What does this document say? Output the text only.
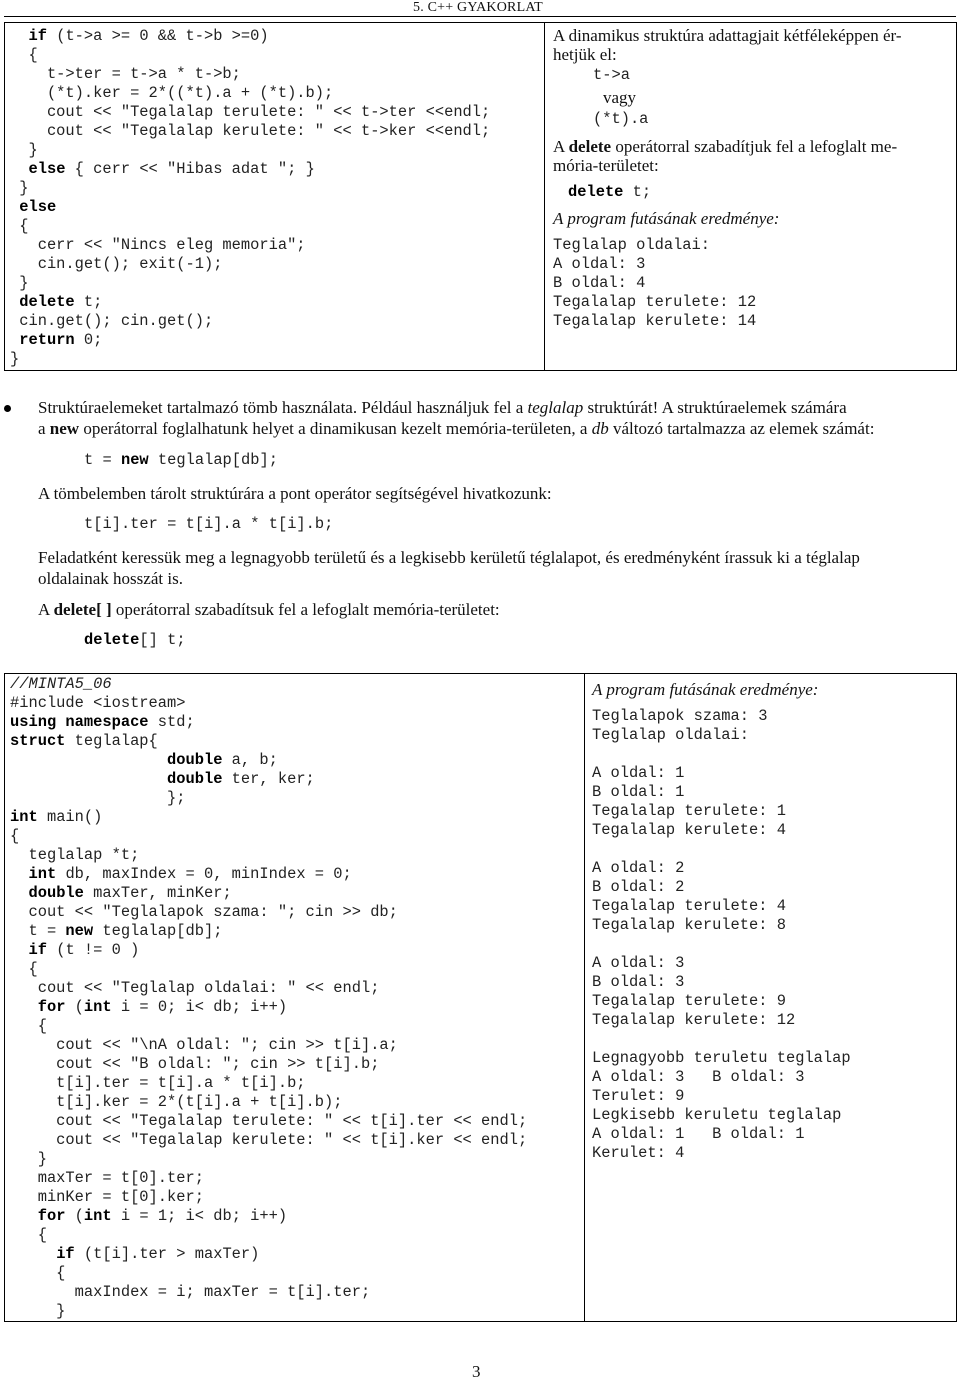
5. C++ GYAKORLAT
if (t->a >= 0 && t->b >=0)
{
t->ter = t->a * t->b;
(*t).ker = 2*((*t).a + (*t).b);
cout << "Tegalalap terulete: " << t->ter <<endl;
cout << "Tegalalap kerulete: " << t->ker <<endl;
}
else { cerr << "Hibas adat "; }
}
else
{
cerr << "Nincs eleg memoria";
cin.get(); exit(-1);
}
delete t;
cin.get(); cin.get();
return 0;
}
A dinamikus struktúra adattagjait kétféleképpen ér-
hetjük el:
t->a
vagy
(*t).a
A delete operátorral szabadítjuk fel a lefoglalt me-
mória-területet:
delete t;
A program futásának eredménye:
Teglalap oldalai:
A oldal: 3
B oldal: 4
Tegalalap terulete: 12
Tegalalap kerulete: 14
Struktúraelemeket tartalmazó tömb használata. Például használjuk fel a teglalap struktúrát! A struktúraelemek számára
a new operátorral foglalhatunk helyet a dinamikusan kezelt memória-területen, a db változó tartalmazza az elemek számát:
t = new teglalap[db];
A tömbelemben tárolt struktúrára a pont operátor segítségével hivatkozunk:
t[i].ter = t[i].a * t[i].b;
Feladatként keressük meg a legnagyobb területű és a legkisebb kerületű téglalapot, és eredményként írassuk ki a téglalap
oldalainak hosszát is.
A delete[ ] operátorral szabadítsuk fel a lefoglalt memória-területet:
delete[] t;
//MINTA5_06
#include <iostream>
using namespace std;
struct teglalap{
double a, b;
double ter, ker;
};
int main()
{
teglalap *t;
int db, maxIndex = 0, minIndex = 0;
double maxTer, minKer;
cout << "Teglalapok szama: "; cin >> db;
t = new teglalap[db];
if (t != 0 )
{
cout << "Teglalap oldalai: " << endl;
for (int i = 0; i< db; i++)
{
cout << "\nA oldal: "; cin >> t[i].a;
cout << "B oldal: "; cin >> t[i].b;
t[i].ter = t[i].a * t[i].b;
t[i].ker = 2*(t[i].a + t[i].b);
cout << "Tegalalap terulete: " << t[i].ter << endl;
cout << "Tegalalap kerulete: " << t[i].ker << endl;
}
maxTer = t[0].ter;
minKer = t[0].ker;
for (int i = 1; i< db; i++)
{
if (t[i].ter > maxTer)
{
maxIndex = i; maxTer = t[i].ter;
}
A program futásának eredménye:
Teglalapok szama: 3
Teglalap oldalai:
A oldal: 1
B oldal: 1
Tegalalap terulete: 1
Tegalalap kerulete: 4
A oldal: 2
B oldal: 2
Tegalalap terulete: 4
Tegalalap kerulete: 8
A oldal: 3
B oldal: 3
Tegalalap terulete: 9
Tegalalap kerulete: 12
Legnagyobb teruletu teglalap
A oldal: 3   B oldal: 3
Terulet: 9
Legkisebb keruletu teglalap
A oldal: 1   B oldal: 1
Kerulet: 4
3
